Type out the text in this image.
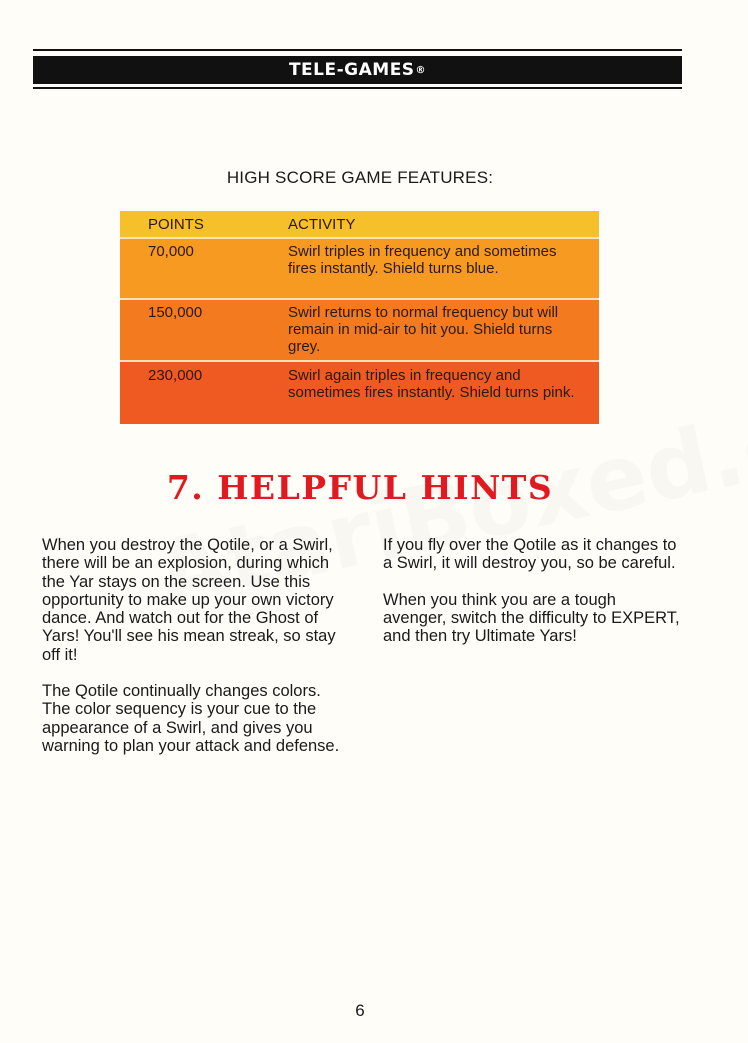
TELE-GAMES ®
HIGH SCORE GAME FEATURES:
POINTS	ACTIVITY
70,000	Swirl triples in frequency and sometimes fires instantly. Shield turns blue.
150,000	Swirl returns to normal frequency but will remain in mid-air to hit you. Shield turns grey.
230,000	Swirl again triples in frequency and sometimes fires instantly. Shield turns pink.
7. HELPFUL HINTS

When you destroy the Qotile, or a Swirl, there will be an explosion, during which the Yar stays on the screen. Use this opportunity to make up your own victory dance. And watch out for the Ghost of Yars! You'll see his mean streak, so stay off it!

The Qotile continually changes colors. The color sequency is your cue to the appearance of a Swirl, and gives you warning to plan your attack and defense.

If you fly over the Qotile as it changes to a Swirl, it will destroy you, so be careful.

When you think you are a tough avenger, switch the difficulty to EXPERT, and then try Ultimate Yars!

6
